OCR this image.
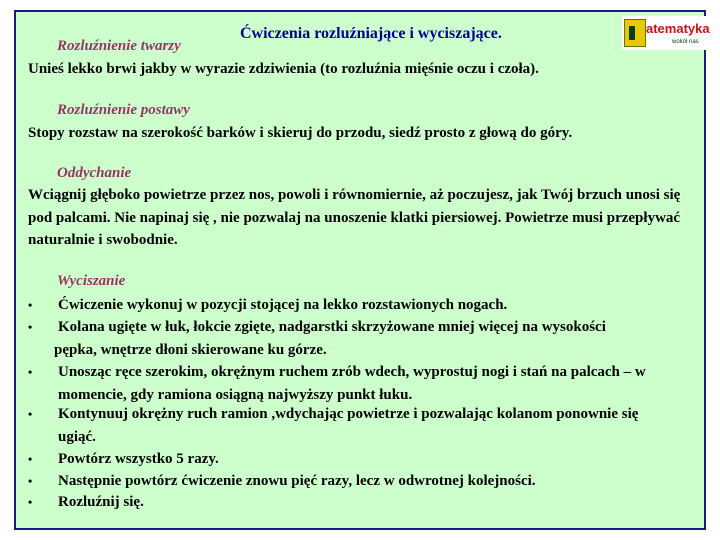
Ćwiczenia rozluźniające i wyciszające.	atematyka
wokół nas
Rozluźnienie twarzy
Unieś lekko brwi jakby w wyrazie zdziwienia (to rozluźnia mięśnie oczu i czoła).
Rozluźnienie postawy
Stopy rozstaw na szerokość barków i skieruj do przodu, siedź prosto z głową do góry.
Oddychanie
Wciągnij głęboko powietrze przez nos, powoli i równomiernie, aż poczujesz, jak Twój brzuch unosi się pod palcami. Nie napinaj się , nie pozwalaj na unoszenie klatki piersiowej. Powietrze musi przepływać naturalnie i swobodnie.
Wyciszanie
• Ćwiczenie wykonuj w pozycji stojącej na lekko rozstawionych nogach.
• Kolana ugięte w łuk, łokcie zgięte, nadgarstki skrzyżowane mniej więcej na wysokości pępka, wnętrze dłoni skierowane ku górze.
• Unosząc ręce szerokim, okrężnym ruchem zrób wdech, wyprostuj nogi i stań na palcach – w momencie, gdy ramiona osiągną najwyższy punkt łuku.
• Kontynuuj okrężny ruch ramion ,wdychając powietrze i pozwalając kolanom ponownie się ugiąć.
• Powtórz wszystko 5 razy.
• Następnie powtórz ćwiczenie znowu pięć razy, lecz w odwrotnej kolejności.
• Rozluźnij się.
